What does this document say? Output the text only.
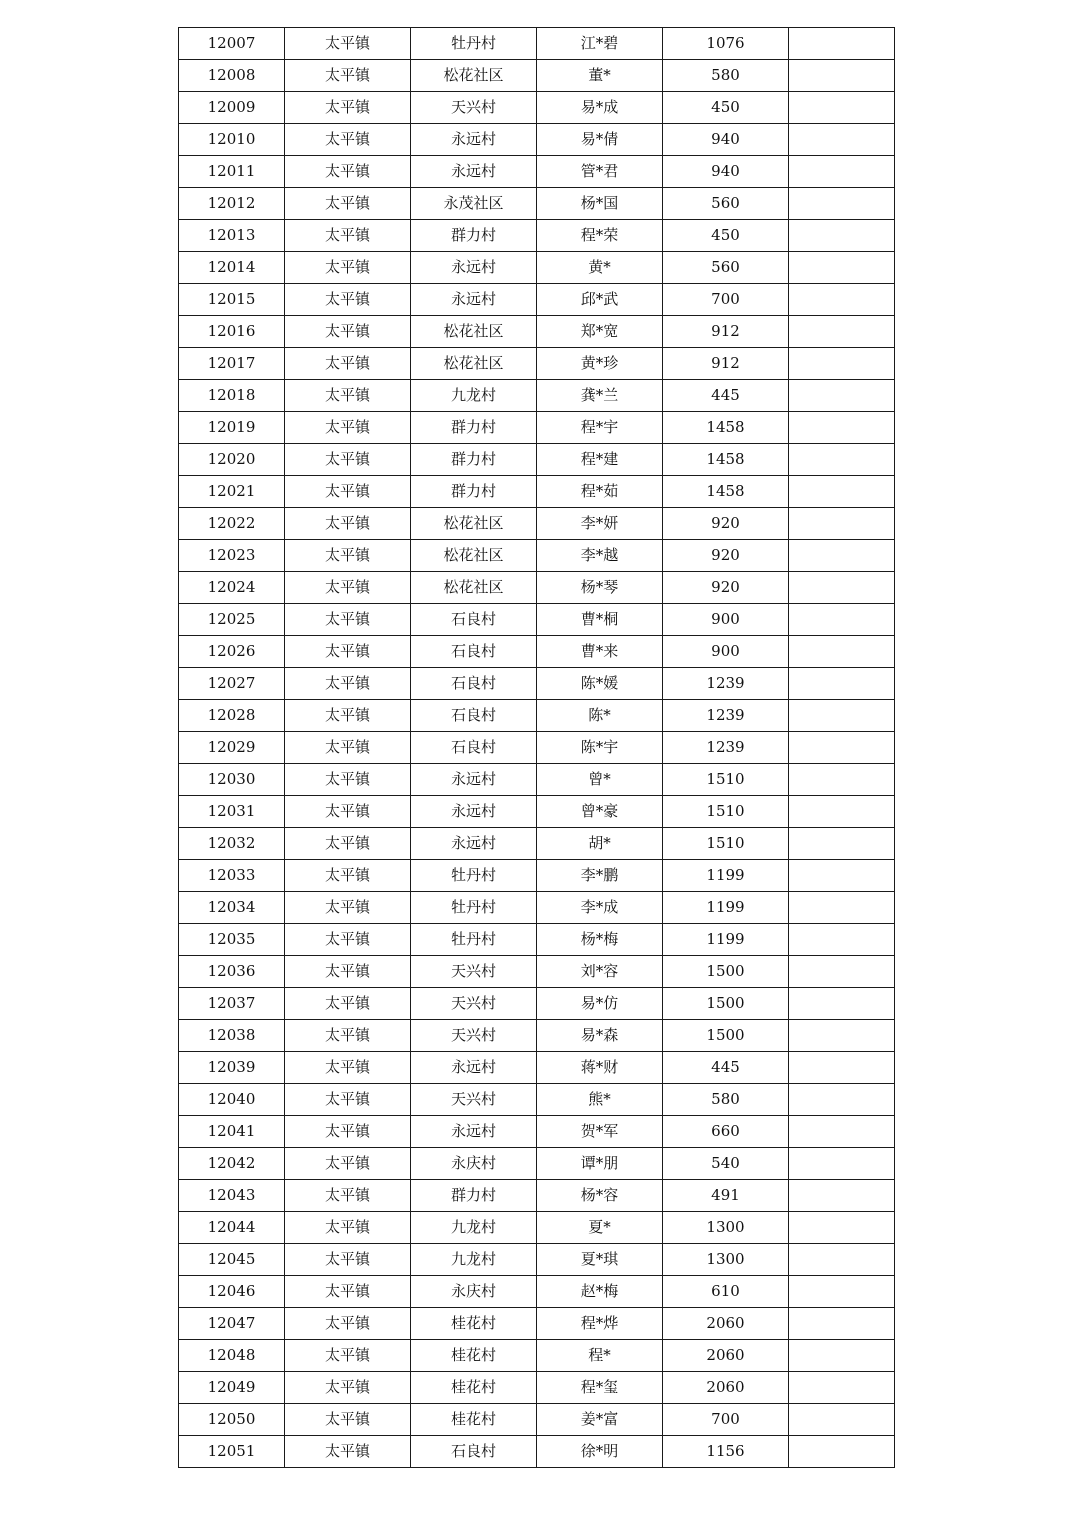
12007	太平镇	牡丹村	江*碧	1076	
12008	太平镇	松花社区	董*	580	
12009	太平镇	天兴村	易*成	450	
12010	太平镇	永远村	易*倩	940	
12011	太平镇	永远村	管*君	940	
12012	太平镇	永茂社区	杨*国	560	
12013	太平镇	群力村	程*荣	450	
12014	太平镇	永远村	黄*	560	
12015	太平镇	永远村	邱*武	700	
12016	太平镇	松花社区	郑*宽	912	
12017	太平镇	松花社区	黄*珍	912	
12018	太平镇	九龙村	龚*兰	445	
12019	太平镇	群力村	程*宇	1458	
12020	太平镇	群力村	程*建	1458	
12021	太平镇	群力村	程*茹	1458	
12022	太平镇	松花社区	李*妍	920	
12023	太平镇	松花社区	李*越	920	
12024	太平镇	松花社区	杨*琴	920	
12025	太平镇	石良村	曹*桐	900	
12026	太平镇	石良村	曹*来	900	
12027	太平镇	石良村	陈*媛	1239	
12028	太平镇	石良村	陈*	1239	
12029	太平镇	石良村	陈*宇	1239	
12030	太平镇	永远村	曾*	1510	
12031	太平镇	永远村	曾*豪	1510	
12032	太平镇	永远村	胡*	1510	
12033	太平镇	牡丹村	李*鹏	1199	
12034	太平镇	牡丹村	李*成	1199	
12035	太平镇	牡丹村	杨*梅	1199	
12036	太平镇	天兴村	刘*容	1500	
12037	太平镇	天兴村	易*仿	1500	
12038	太平镇	天兴村	易*森	1500	
12039	太平镇	永远村	蒋*财	445	
12040	太平镇	天兴村	熊*	580	
12041	太平镇	永远村	贺*军	660	
12042	太平镇	永庆村	谭*朋	540	
12043	太平镇	群力村	杨*容	491	
12044	太平镇	九龙村	夏*	1300	
12045	太平镇	九龙村	夏*琪	1300	
12046	太平镇	永庆村	赵*梅	610	
12047	太平镇	桂花村	程*烨	2060	
12048	太平镇	桂花村	程*	2060	
12049	太平镇	桂花村	程*玺	2060	
12050	太平镇	桂花村	姜*富	700	
12051	太平镇	石良村	徐*明	1156	
